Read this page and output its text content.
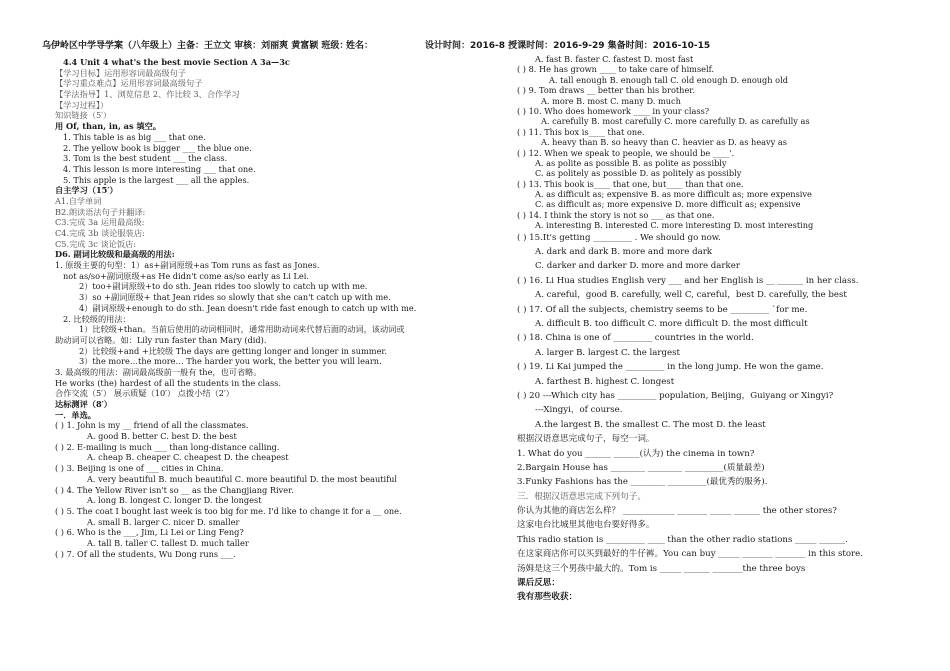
乌伊岭区中学导学案（八年级上）主备：王立文 审核：刘丽爽 黄富颖 班级：
姓名：	设计时间：2016-8 授课时间：2016-9-29 集备时间：2016-10-15
4.4 Unit 4 what's the best movie Section A 3a—3c
【学习目标】运用形容词最高级句子
【学习重点难点】运用形容词最高级句子
【学法指导】1、浏览信息 2、作比较 3、合作学习
【学习过程】）
知识链接（5′）
用 Of, than, in, as 填空。
1. This table is as big ___ that one.
2. The yellow book is bigger ___ the blue one.
3. Tom is the best student ___ the class.
4. This lesson is more interesting ___ that one.
5. This apple is the largest ___ all the apples.
自主学习（15′）
A1.自学单词
B2.朗读语法句子并翻译:
C3.完成 3a 运用最高级:
C4.完成 3b 谈论服装店:
C5.完成 3c 谈论饭店:
D6. 副词比较级和最高级的用法:
1. 原级主要的句型：1）as+副词原级+as Tom runs as fast as Jones.
not as/so+副词原级+as He didn't come as/so early as Li Lei.
2）too+副词原级+to do sth. Jean rides too slowly to catch up with me.
3）so +副词原级+ that Jean rides so slowly that she can't catch up with me.
4）副词原级+enough to do sth. Jean doesn't ride fast enough to catch up with me.
2. 比较级的用法：
1）比较级+than。当前后使用的动词相同时，通常用助动词来代替后面的动词，该动词或
助动词可以省略。如：Lily run faster than Mary (did).
2）比较级+and +比较级 The days are getting longer and longer in summer.
3）the more…the more… The harder you work, the better you will learn.
3. 最高级的用法：副词最高级前一般有 the，也可省略。
He works (the) hardest of all the students in the class.
合作交流（5′） 展示质疑（10′） 点拨小结（2′）
达标测评（8′）
一．单选。
( ) 1. John is my __ friend of all the classmates.
A. good B. better C. best D. the best
( ) 2. E-mailing is much ___ than long-distance calling.
A. cheap B. cheaper C. cheapest D. the cheapest
( ) 3. Beijing is one of ___ cities in China.
A. very beautiful B. much beautiful C. more beautiful D. the most beautiful
( ) 4. The Yellow River isn't so __ as the Changjiang River.
A. long B. longest C. longer D. the longest
( ) 5. The coat I bought last week is too big for me. I'd like to change it for a __ one.
A. small B. larger C. nicer D. smaller
( ) 6. Who is the ___, Jim, Li Lei or Ling Feng?
A. tall B. taller C. tallest D. much taller
( ) 7. Of all the students, Wu Dong runs ___.
A. fast B. faster C. fastest D. most fast
( ) 8. He has grown ____ to take care of himself.
A. tall enough B. enough tall C. old enough D. enough old
( ) 9. Tom draws __ better than his brother.
A. more B. most C. many D. much
( ) 10. Who does homework ____ in your class?
A. carefully B. most carefully C. more carefully D. as carefully as
( ) 11. This box is____ that one.
A. heavy than B. so heavy than C. heavier as D. as heavy as
( ) 12. When we speak to people, we should be ____'.
A. as polite as possible B. as polite as possibly
C. as politely as possible D. as politely as possibly
( ) 13. This book is____ that one, but____ than that one.
A. as difficult as; expensive B. as more difficult as; more expensive
C. as difficult as; more expensive D. more difficult as; expensive
( ) 14. I think the story is not so ___ as that one.
A. interesting B. interested C. more interesting D. most interesting
( ) 15.It's getting _________ . We should go now.
A. dark and dark B. more and more dark
C. darker and darker D. more and more darker
( ) 16. Li Hua studies English very ___ and her English is __ ______ in her class.
A. careful，good B. carefully, well C, careful，best D. carefully, the best
( ) 17. Of all the subjects, chemistry seems to be _________ `for me.
A. difficult B. too difficult C. more difficult D. the most difficult
( ) 18. China is one of _________ countries in the world.
A. larger B. largest C. the largest
( ) 19. Li Kai jumped the _________ in the long jump. He won the game.
A. farthest B. highest C. longest
( ) 20 ---Which city has _________ population, Beijing，Guiyang or Xingyi?
---Xingyi，of course.
A.the largest B. the smallest C. The most D. the least
根据汉语意思完成句子，每空一词。
1. What do you ______ ______(认为) the cinema in town?
2.Bargain House has ________ ________ _________(质量最差)
3.Funky Fashions has the ________ _________(最优秀的服务).
三．根据汉语意思完成下列句子。
你认为其他的商店怎么样？ ____________ _______ _____ ______ the other stores?
这家电台比城里其他电台要好得多。
This radio station is _________ ____ than the other radio stations _____ ______.
在这家商店你可以买到最好的牛仔裤。You can buy _____ _______ _______ in this store.
汤姆是这三个男孩中最大的。Tom is _____ ______ _______the three boys
课后反思：
我有那些收获：
